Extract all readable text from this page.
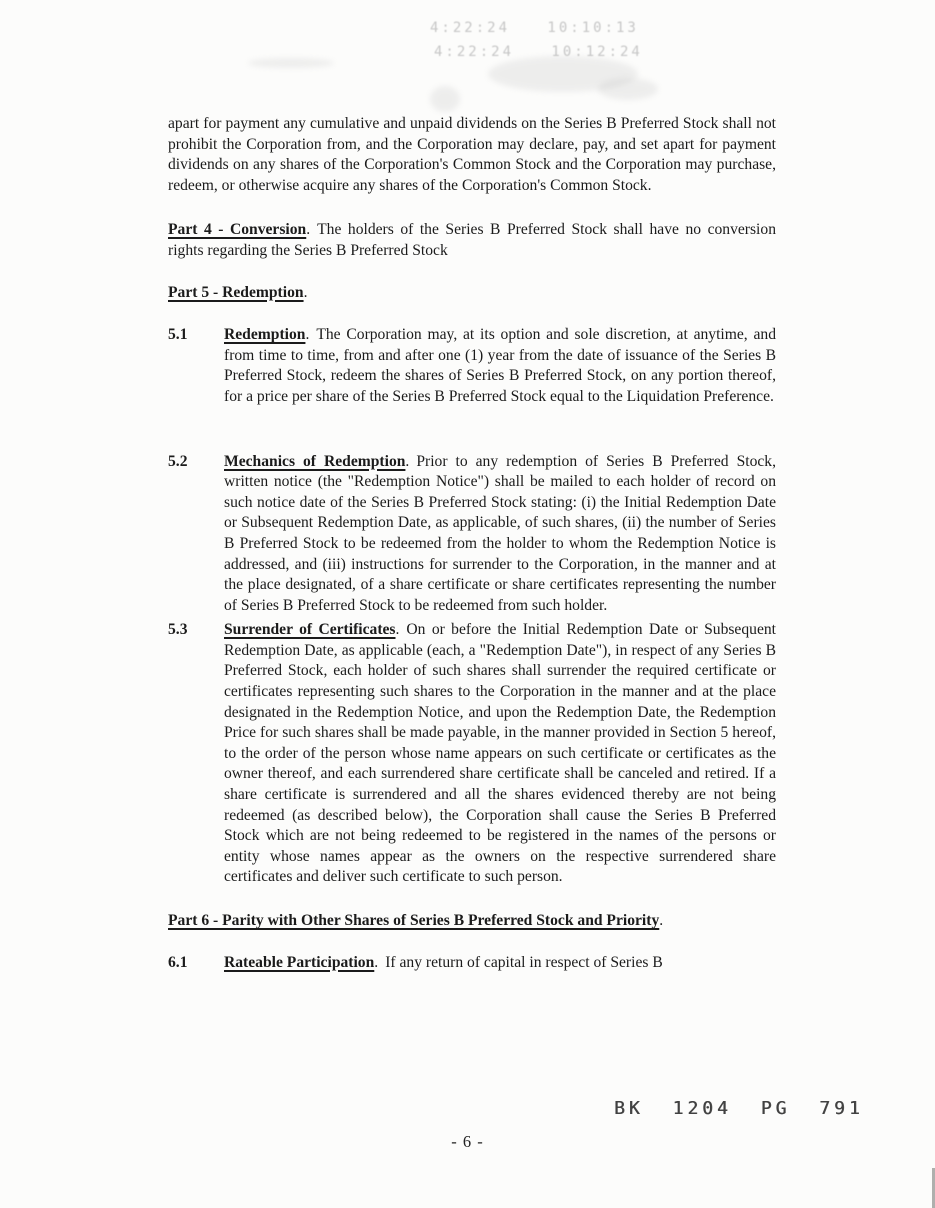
4:22:24 10:10:13
4:22:24 10:12:24

apart for payment any cumulative and unpaid dividends on the Series B Preferred Stock shall not prohibit the Corporation from, and the Corporation may declare, pay, and set apart for payment dividends on any shares of the Corporation's Common Stock and the Corporation may purchase, redeem, or otherwise acquire any shares of the Corporation's Common Stock.

Part 4 - Conversion. The holders of the Series B Preferred Stock shall have no conversion rights regarding the Series B Preferred Stock

Part 5 - Redemption.

5.1	Redemption. The Corporation may, at its option and sole discretion, at anytime, and from time to time, from and after one (1) year from the date of issuance of the Series B Preferred Stock, redeem the shares of Series B Preferred Stock, on any portion thereof, for a price per share of the Series B Preferred Stock equal to the Liquidation Preference.
5.2	Mechanics of Redemption. Prior to any redemption of Series B Preferred Stock, written notice (the "Redemption Notice") shall be mailed to each holder of record on such notice date of the Series B Preferred Stock stating: (i) the Initial Redemption Date or Subsequent Redemption Date, as applicable, of such shares, (ii) the number of Series B Preferred Stock to be redeemed from the holder to whom the Redemption Notice is addressed, and (iii) instructions for surrender to the Corporation, in the manner and at the place designated, of a share certificate or share certificates representing the number of Series B Preferred Stock to be redeemed from such holder.
5.3	Surrender of Certificates. On or before the Initial Redemption Date or Subsequent Redemption Date, as applicable (each, a "Redemption Date"), in respect of any Series B Preferred Stock, each holder of such shares shall surrender the required certificate or certificates representing such shares to the Corporation in the manner and at the place designated in the Redemption Notice, and upon the Redemption Date, the Redemption Price for such shares shall be made payable, in the manner provided in Section 5 hereof, to the order of the person whose name appears on such certificate or certificates as the owner thereof, and each surrendered share certificate shall be canceled and retired. If a share certificate is surrendered and all the shares evidenced thereby are not being redeemed (as described below), the Corporation shall cause the Series B Preferred Stock which are not being redeemed to be registered in the names of the persons or entity whose names appear as the owners on the respective surrendered share certificates and deliver such certificate to such person.

Part 6 - Parity with Other Shares of Series B Preferred Stock and Priority.

6.1	Rateable Participation. If any return of capital in respect of Series B
BK 1204 PG 791
- 6 -
